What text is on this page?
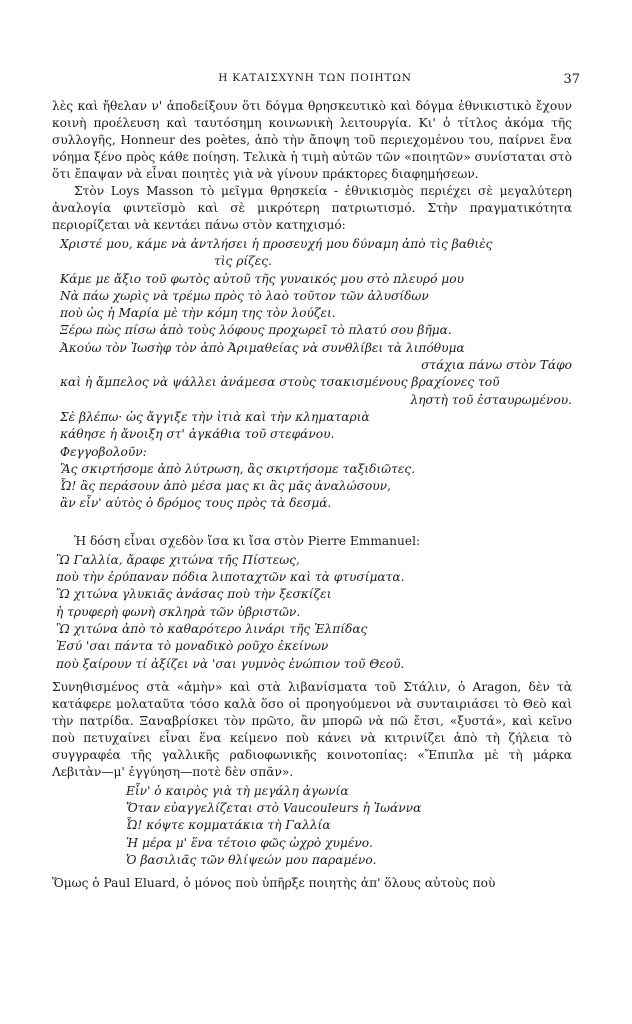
Η ΚΑΤΑΙΣΧΥΝΗ ΤΩΝ ΠΟΙΗΤΩΝ	37

λὲς καὶ ἤθελαν ν' ἀποδείξουν ὅτι δόγμα θρησκευτικὸ καὶ δόγμα ἐθνικιστικὸ ἔχουν κοινὴ προέλευση καὶ ταυτόσημη κοινωνικὴ λειτουργία. Κι' ὁ τίτλος ἀκόμα τῆς συλλογῆς, Honneur des poètes, ἀπὸ τὴν ἄποψη τοῦ περιεχομένου του, παίρνει ἕνα νόημα ξένο πρὸς κάθε ποίηση. Τελικὰ ἡ τιμὴ αὐτῶν τῶν «ποιητῶν» συνίσταται στὸ ὅτι ἔπαψαν νὰ εἶναι ποιητὲς γιὰ νὰ γίνουν πράκτορες διαφημήσεων.

Στὸν Loys Masson τὸ μεῖγμα θρησκεία - ἐθνικισμὸς περιέχει σὲ μεγαλύτερη ἀναλογία φιντεϊσμὸ καὶ σὲ μικρότερη πατριωτισμό. Στὴν πραγματικότητα περιορίζεται νὰ κεντάει πάνω στὸν κατηχισμό:

Χριστέ μου, κάμε νὰ ἀντλήσει ἡ προσευχή μου δύναμη ἀπὸ τὶς βαθιὲς
τὶς ρίζες.
Κάμε με ἄξιο τοῦ φωτὸς αὐτοῦ τῆς γυναικός μου στὸ πλευρό μου
Νὰ πάω χωρὶς νὰ τρέμω πρὸς τὸ λαὸ τοῦτον τῶν ἀλυσίδων
ποὺ ὡς ἡ Μαρία μὲ τὴν κόμη της τὸν λούζει.
Ξέρω πὼς πίσω ἀπὸ τοὺς λόφους προχωρεῖ τὸ πλατύ σου βῆμα.
Ἀκούω τὸν Ἰωσὴφ τὸν ἀπὸ Ἀριμαθείας νὰ συνθλίβει τὰ λιπόθυμα
στάχια πάνω στὸν Τάφο
καὶ ἡ ἄμπελος νὰ ψάλλει ἀνάμεσα στοὺς τσακισμένους βραχίονες τοῦ
ληστὴ τοῦ ἐσταυρωμένου.
Σὲ βλέπω· ὡς ἄγγιξε τὴν ἰτιὰ καὶ τὴν κληματαριὰ
κάθησε ἡ ἄνοιξη στ' ἀγκάθια τοῦ στεφάνου.
Φεγγοβολοῦν:
Ἂς σκιρτήσομε ἀπὸ λύτρωση, ἂς σκιρτήσομε ταξιδιῶτες.
Ὦ! ἂς περάσουν ἀπὸ μέσα μας κι ἂς μᾶς ἀναλώσουν,
ἂν εἶν' αὐτὸς ὁ δρόμος τους πρὸς τὰ δεσμά.

Ἡ δόση εἶναι σχεδὸν ἴσα κι ἴσα στὸν Pierre Emmanuel:

Ὢ Γαλλία, ἄραφε χιτώνα τῆς Πίστεως,
ποὺ τὴν ἐρύπαναν πόδια λιποταχτῶν καὶ τὰ φτυσίματα.
Ὢ χιτώνα γλυκιᾶς ἀνάσας ποὺ τὴν ξεσκίζει
ἡ τρυφερὴ φωνὴ σκληρὰ τῶν ὑβριστῶν.
Ὢ χιτώνα ἀπὸ τὸ καθαρότερο λινάρι τῆς Ἐλπίδας
Ἐσύ 'σαι πάντα τὸ μοναδικὸ ροῦχο ἐκείνων
ποὺ ξαίρουν τί ἀξίζει νὰ 'σαι γυμνὸς ἐνώπιον τοῦ Θεοῦ.

Συνηθισμένος στὰ «ἀμὴν» καὶ στὰ λιβανίσματα τοῦ Στάλιν, ὁ Aragon, δὲν τὰ κατάφερε μολαταῦτα τόσο καλὰ ὅσο οἱ προηγούμενοι νὰ συνταιριάσει τὸ Θεὸ καὶ τὴν πατρίδα. Ξαναβρίσκει τὸν πρῶτο, ἂν μπορῶ νὰ πῶ ἔτσι, «ξυστά», καὶ κεῖνο ποὺ πετυχαίνει εἶναι ἕνα κείμενο ποὺ κάνει νὰ κιτρινίζει ἀπὸ τὴ ζήλεια τὸ συγγραφέα τῆς γαλλικῆς ραδιοφωνικῆς κοινοτοπίας: «Ἔπιπλα μὲ τὴ μάρκα Λεβιτὰν—μ' ἐγγύηση—ποτὲ δὲν σπᾶν».

Εἶν' ὁ καιρὸς γιὰ τὴ μεγάλη ἀγωνία
Ὅταν εὐαγγελίζεται στὸ Vaucouleurs ἡ Ἰωάννα
Ὦ! κόψτε κομματάκια τὴ Γαλλία
Ἡ μέρα μ' ἕνα τέτοιο φῶς ὠχρὸ χυμένο.
Ὁ βασιλιᾶς τῶν θλίψεών μου παραμένο.

Ὅμως ὁ Paul Eluard, ὁ μόνος ποὺ ὑπῆρξε ποιητὴς ἀπ' ὅλους αὐτοὺς ποὺ
